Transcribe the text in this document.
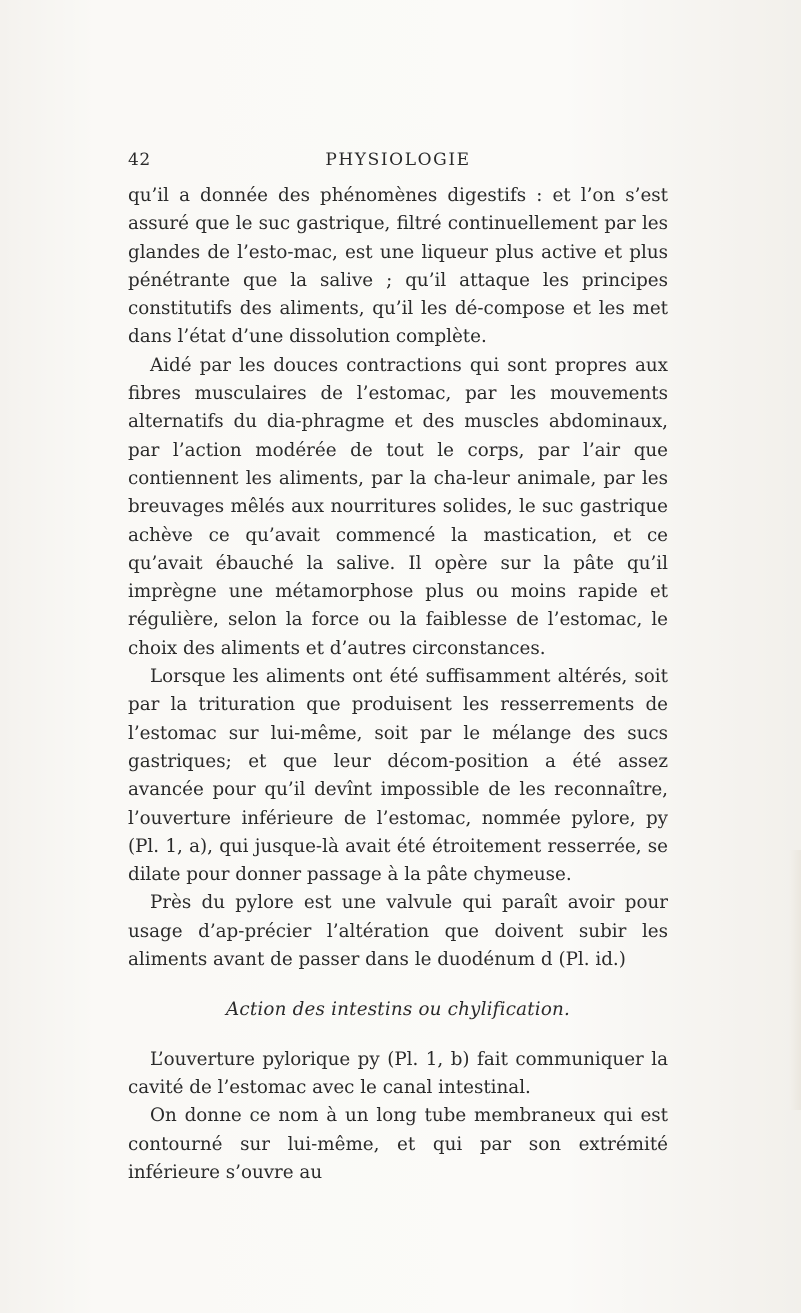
42	PHYSIOLOGIE

qu’il a donnée des phénomènes digestifs : et l’on s’est assuré que le suc gastrique, filtré continuellement par les glandes de l’esto-mac, est une liqueur plus active et plus pénétrante que la salive ; qu’il attaque les principes constitutifs des aliments, qu’il les dé-compose et les met dans l’état d’une dissolution complète.

Aidé par les douces contractions qui sont propres aux fibres musculaires de l’estomac, par les mouvements alternatifs du dia-phragme et des muscles abdominaux, par l’action modérée de tout le corps, par l’air que contiennent les aliments, par la cha-leur animale, par les breuvages mêlés aux nourritures solides, le suc gastrique achève ce qu’avait commencé la mastication, et ce qu’avait ébauché la salive. Il opère sur la pâte qu’il imprègne une métamorphose plus ou moins rapide et régulière, selon la force ou la faiblesse de l’estomac, le choix des aliments et d’autres circonstances.

Lorsque les aliments ont été suffisamment altérés, soit par la trituration que produisent les resserrements de l’estomac sur lui-même, soit par le mélange des sucs gastriques; et que leur décom-position a été assez avancée pour qu’il devînt impossible de les reconnaître, l’ouverture inférieure de l’estomac, nommée pylore, py (Pl. 1, a), qui jusque-là avait été étroitement resserrée, se dilate pour donner passage à la pâte chymeuse.

Près du pylore est une valvule qui paraît avoir pour usage d’ap-précier l’altération que doivent subir les aliments avant de passer dans le duodénum d (Pl. id.)

Action des intestins ou chylification.

L’ouverture pylorique py (Pl. 1, b) fait communiquer la cavité de l’estomac avec le canal intestinal.

On donne ce nom à un long tube membraneux qui est contourné sur lui-même, et qui par son extrémité inférieure s’ouvre au
